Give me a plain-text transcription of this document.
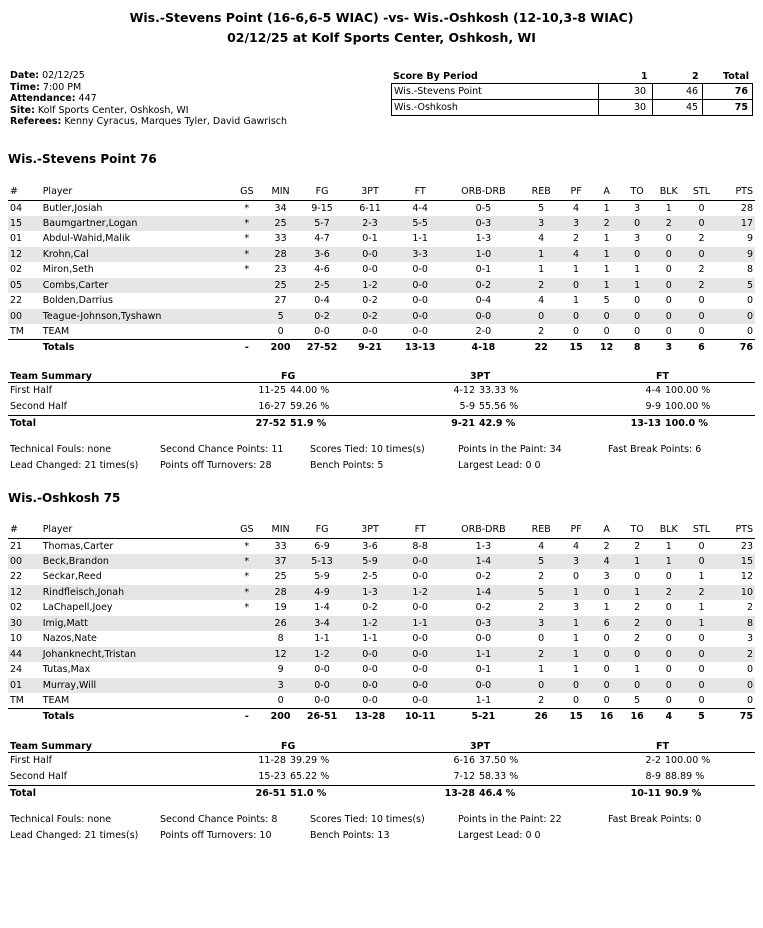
Wis.-Stevens Point (16-6,6-5 WIAC) -vs- Wis.-Oshkosh (12-10,3-8 WIAC)
02/12/25 at Kolf Sports Center, Oshkosh, WI
Date: 02/12/25
Time: 7:00 PM
Attendance: 447
Site: Kolf Sports Center, Oshkosh, WI
Referees: Kenny Cyracus, Marques Tyler, David Gawrisch
Score By Period	1	2	Total
Wis.-Stevens Point	30	46	76
Wis.-Oshkosh	30	45	75
Wis.-Stevens Point 76
#	Player	GS	MIN	FG	3PT	FT	ORB-DRB	REB	PF	A	TO	BLK	STL	PTS
04	Butler,Josiah	*	34	9-15	6-11	4-4	0-5	5	4	1	3	1	0	28
15	Baumgartner,Logan	*	25	5-7	2-3	5-5	0-3	3	3	2	0	2	0	17
01	Abdul-Wahid,Malik	*	33	4-7	0-1	1-1	1-3	4	2	1	3	0	2	9
12	Krohn,Cal	*	28	3-6	0-0	3-3	1-0	1	4	1	0	0	0	9
02	Miron,Seth	*	23	4-6	0-0	0-0	0-1	1	1	1	1	0	2	8
05	Combs,Carter		25	2-5	1-2	0-0	0-2	2	0	1	1	0	2	5
22	Bolden,Darrius		27	0-4	0-2	0-0	0-4	4	1	5	0	0	0	0
00	Teague-Johnson,Tyshawn		5	0-2	0-2	0-0	0-0	0	0	0	0	0	0	0
TM	TEAM		0	0-0	0-0	0-0	2-0	2	0	0	0	0	0	0
	Totals	-	200	27-52	9-21	13-13	4-18	22	15	12	8	3	6	76
Team Summary	FG	3PT	FT
First Half	11-25 44.00 %	4-12 33.33 %	4-4 100.00 %
Second Half	16-27 59.26 %	5-9 55.56 %	9-9 100.00 %
Total	27-52 51.9 %	9-21 42.9 %	13-13 100.0 %
Technical Fouls: none	Second Chance Points: 11	Scores Tied: 10 times(s)	Points in the Paint: 34	Fast Break Points: 6
Lead Changed: 21 times(s) Points off Turnovers: 28	Bench Points: 5	Largest Lead: 0 0
Wis.-Oshkosh 75
#	Player	GS	MIN	FG	3PT	FT	ORB-DRB	REB	PF	A	TO	BLK	STL	PTS
21	Thomas,Carter	*	33	6-9	3-6	8-8	1-3	4	4	2	2	1	0	23
00	Beck,Brandon	*	37	5-13	5-9	0-0	1-4	5	3	4	1	1	0	15
22	Seckar,Reed	*	25	5-9	2-5	0-0	0-2	2	0	3	0	0	1	12
12	Rindfleisch,Jonah	*	28	4-9	1-3	1-2	1-4	5	1	0	1	2	2	10
02	LaChapell,Joey	*	19	1-4	0-2	0-0	0-2	2	3	1	2	0	1	2
30	Imig,Matt		26	3-4	1-2	1-1	0-3	3	1	6	2	0	1	8
10	Nazos,Nate		8	1-1	1-1	0-0	0-0	0	1	0	2	0	0	3
44	Johanknecht,Tristan		12	1-2	0-0	0-0	1-1	2	1	0	0	0	0	2
24	Tutas,Max		9	0-0	0-0	0-0	0-1	1	1	0	1	0	0	0
01	Murray,Will		3	0-0	0-0	0-0	0-0	0	0	0	0	0	0	0
TM	TEAM		0	0-0	0-0	0-0	1-1	2	0	0	5	0	0	0
	Totals	-	200	26-51	13-28	10-11	5-21	26	15	16	16	4	5	75
Team Summary	FG	3PT	FT
First Half	11-28 39.29 %	6-16 37.50 %	2-2 100.00 %
Second Half	15-23 65.22 %	7-12 58.33 %	8-9 88.89 %
Total	26-51 51.0 %	13-28 46.4 %	10-11 90.9 %
Technical Fouls: none	Second Chance Points: 8	Scores Tied: 10 times(s)	Points in the Paint: 22	Fast Break Points: 0
Lead Changed: 21 times(s) Points off Turnovers: 10	Bench Points: 13	Largest Lead: 0 0
